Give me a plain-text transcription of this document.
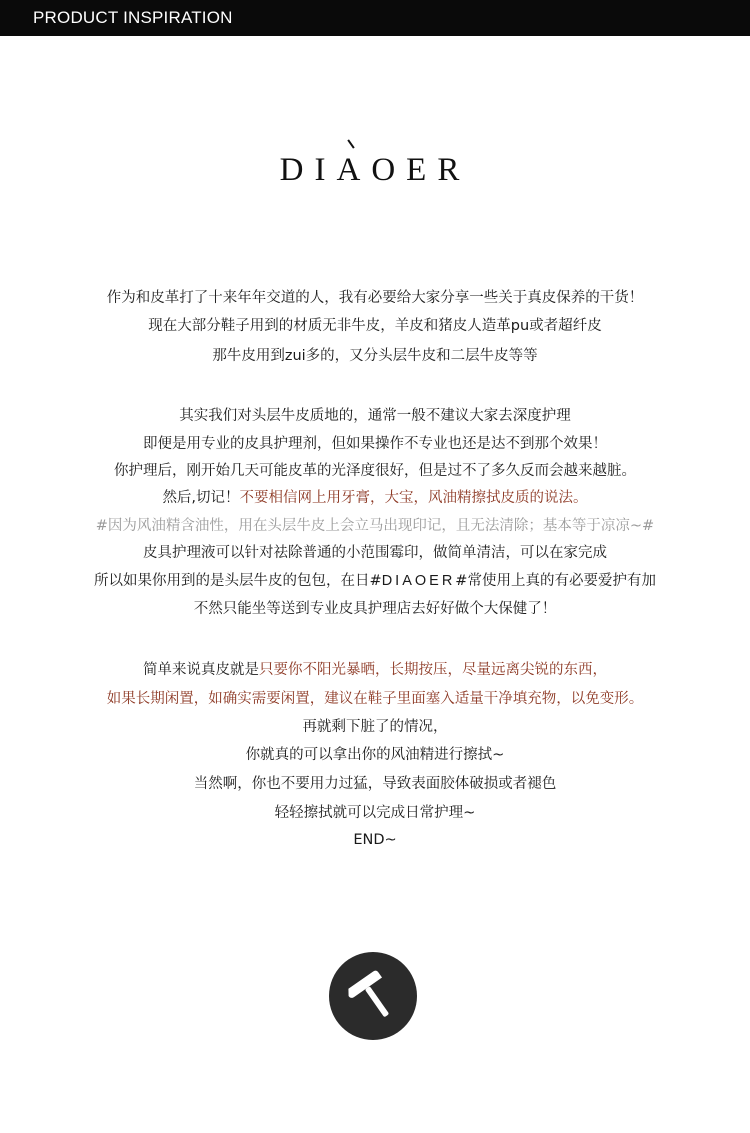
PRODUCT INSPIRATION
DIA
OER
作为和皮革打了十来年年交道的人，我有必要给大家分享一些关于真皮保养的干货！
现在大部分鞋子用到的材质无非牛皮，羊皮和猪皮人造革pu或者超纤皮
那牛皮用到zui多的，又分头层牛皮和二层牛皮等等
其实我们对头层牛皮质地的，通常一般不建议大家去深度护理
即便是用专业的皮具护理剂，但如果操作不专业也还是达不到那个效果！
你护理后，刚开始几天可能皮革的光泽度很好，但是过不了多久反而会越来越脏。
然后,切记！不要相信网上用牙膏，大宝，风油精擦拭皮质的说法。
#因为风油精含油性，用在头层牛皮上会立马出现印记，且无法清除；基本等于凉凉~#
皮具护理液可以针对祛除普通的小范围霉印，做简单清洁，可以在家完成
所以如果你用到的是头层牛皮的包包，在日#DIAOER#常使用上真的有必要爱护有加
不然只能坐等送到专业皮具护理店去好好做个大保健了！
简单来说真皮就是只要你不阳光暴晒，长期按压，尽量远离尖锐的东西，
如果长期闲置，如确实需要闲置，建议在鞋子里面塞入适量干净填充物，以免变形。
再就剩下脏了的情况，
你就真的可以拿出你的风油精进行擦拭~
当然啊，你也不要用力过猛，导致表面胶体破损或者褪色
轻轻擦拭就可以完成日常护理~
END~
